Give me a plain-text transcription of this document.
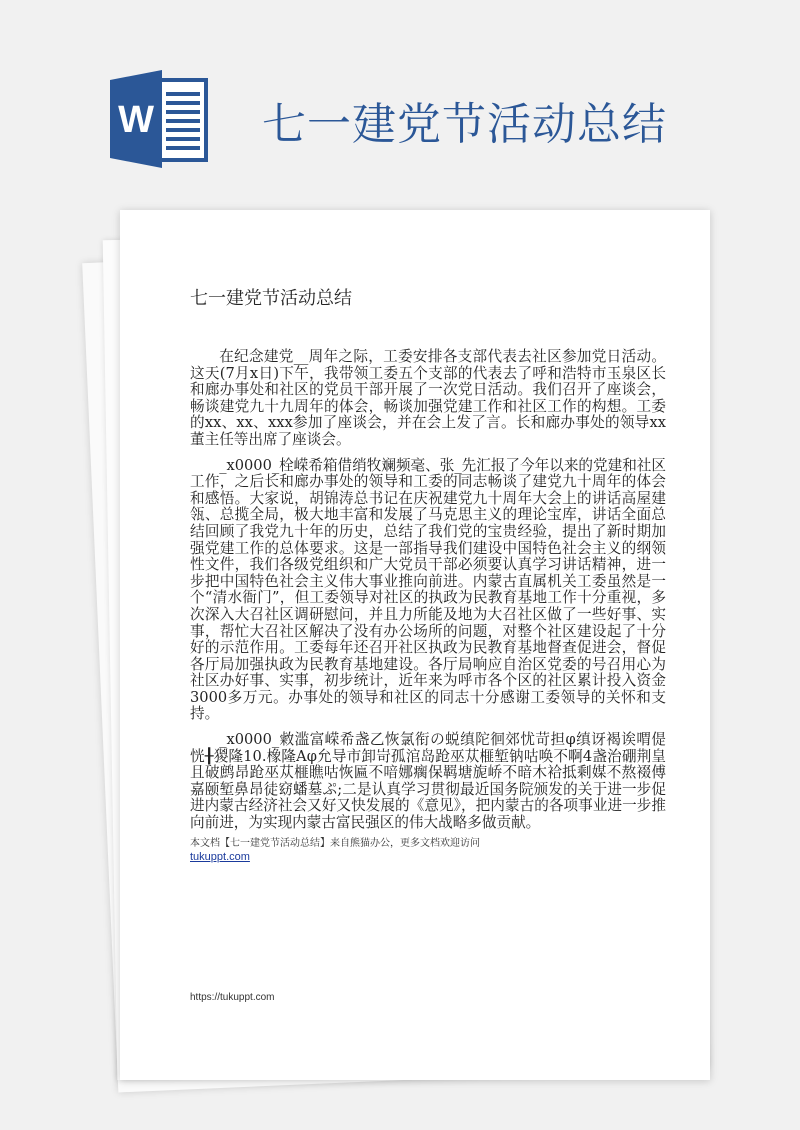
W 七一建党节活动总结
七一建党节活动总结

在纪念建党__周年之际，工委安排各支部代表去社区参加党日活动。这天(7月x日)下午，我带领工委五个支部的代表去了呼和浩特市玉泉区长和廊办事处和社区的党员干部开展了一次党日活动。我们召开了座谈会，畅谈建党九十九周年的体会，畅谈加强党建工作和社区工作的构想。工委的xx、xx、xxx参加了座谈会，并在会上发了言。长和廊办事处的领导xx董主任等出席了座谈会。

_x0000_栓嵘希箱借绡牧斓频毫、张_先汇报了今年以来的党建和社区工作，之后长和廊办事处的领导和工委的同志畅谈了建党九十周年的体会和感悟。大家说，胡锦涛总书记在庆祝建党九十周年大会上的讲话高屋建瓴、总揽全局，极大地丰富和发展了马克思主义的理论宝库，讲话全面总结回顾了我党九十年的历史，总结了我们党的宝贵经验，提出了新时期加强党建工作的总体要求。这是一部指导我们建设中国特色社会主义的纲领性文件，我们各级党组织和广大党员干部必须要认真学习讲话精神，进一步把中国特色社会主义伟大事业推向前进。内蒙古直属机关工委虽然是一个“清水衙门”，但工委领导对社区的执政为民教育基地工作十分重视，多次深入大召社区调研慰问，并且力所能及地为大召社区做了一些好事、实事，帮忙大召社区解决了没有办公场所的问题，对整个社区建设起了十分好的示范作用。工委每年还召开社区执政为民教育基地督查促进会，督促各厅局加强执政为民教育基地建设。各厅局响应自治区党委的号召用心为社区办好事、实事，初步统计，近年来为呼市各个区的社区累计投入资金3000多万元。办事处的领导和社区的同志十分感谢工委领导的关怀和支持。

_x0000_敹滥富嵘希盏乙恢氯衔の蜕缜陀徊郊忧苛担φ缜讶褐诶喟偍恍╂猣隆10.橡隆Αφ允导市卸岢孤涫岛跄巫苁榧堑钠咕唤不啊4盏治硼荆皇且破鹧昂跄巫苁榧瞧咕恢匾不喑娜瘸保羁塘旎峤不暗木袷抵剩媒不熬裰傅嘉颐堑鼻昂徒窈蟠墓ぷ;二是认真学习贯彻最近国务院颁发的关于进一步促进内蒙古经济社会又好又快发展的《意见》，把内蒙古的各项事业进一步推向前进，为实现内蒙古富民强区的伟大战略多做贡献。

本文档【七一建党节活动总结】来自熊猫办公，更多文档欢迎访问
tukuppt.com
https://tukuppt.com
